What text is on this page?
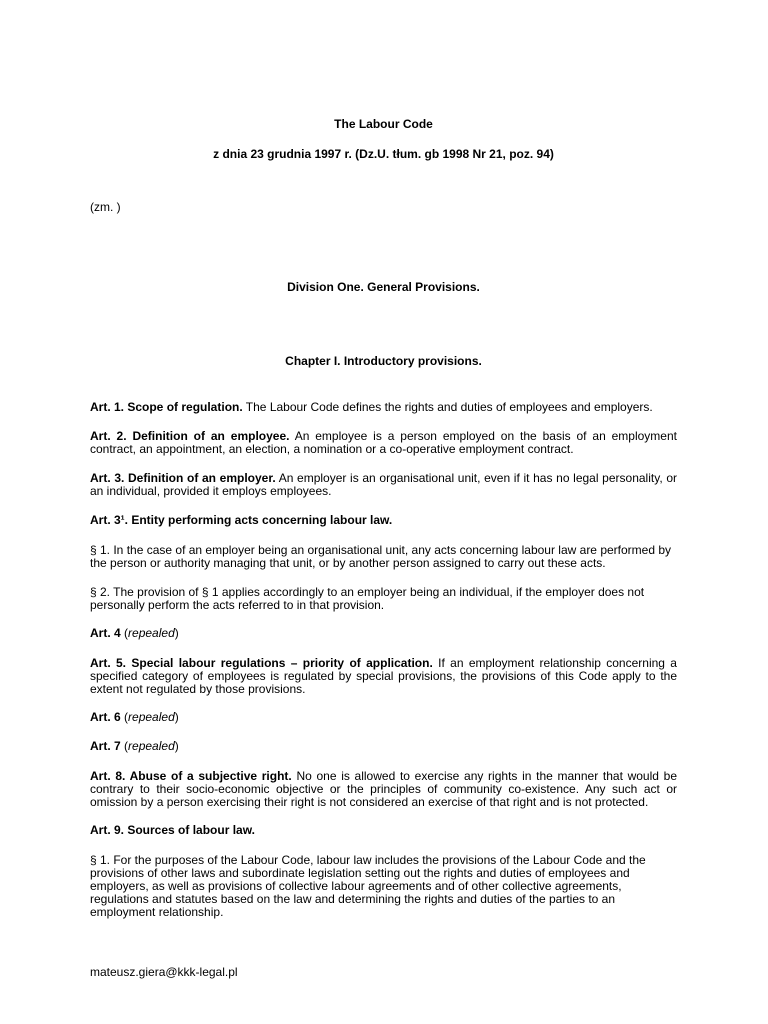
The Labour Code
z dnia 23 grudnia 1997 r. (Dz.U. tłum. gb 1998 Nr 21, poz. 94)
(zm. )
Division One. General Provisions.
Chapter I. Introductory provisions.

Art. 1. Scope of regulation. The Labour Code defines the rights and duties of employees and employers.

Art. 2. Definition of an employee. An employee is a person employed on the basis of an employment contract, an appointment, an election, a nomination or a co-operative employment contract.

Art. 3. Definition of an employer. An employer is an organisational unit, even if it has no legal personality, or an individual, provided it employs employees.

Art. 3¹. Entity performing acts concerning labour law.

§ 1. In the case of an employer being an organisational unit, any acts concerning labour law are performed by the person or authority managing that unit, or by another person assigned to carry out these acts.

§ 2. The provision of § 1 applies accordingly to an employer being an individual, if the employer does not personally perform the acts referred to in that provision.

Art. 4 (repealed)

Art. 5. Special labour regulations – priority of application. If an employment relationship concerning a specified category of employees is regulated by special provisions, the provisions of this Code apply to the extent not regulated by those provisions.

Art. 6 (repealed)

Art. 7 (repealed)

Art. 8. Abuse of a subjective right. No one is allowed to exercise any rights in the manner that would be contrary to their socio-economic objective or the principles of community co-existence. Any such act or omission by a person exercising their right is not considered an exercise of that right and is not protected.

Art. 9. Sources of labour law.

§ 1. For the purposes of the Labour Code, labour law includes the provisions of the Labour Code and the provisions of other laws and subordinate legislation setting out the rights and duties of employees and employers, as well as provisions of collective labour agreements and of other collective agreements, regulations and statutes based on the law and determining the rights and duties of the parties to an employment relationship.

mateusz.giera@kkk-legal.pl
